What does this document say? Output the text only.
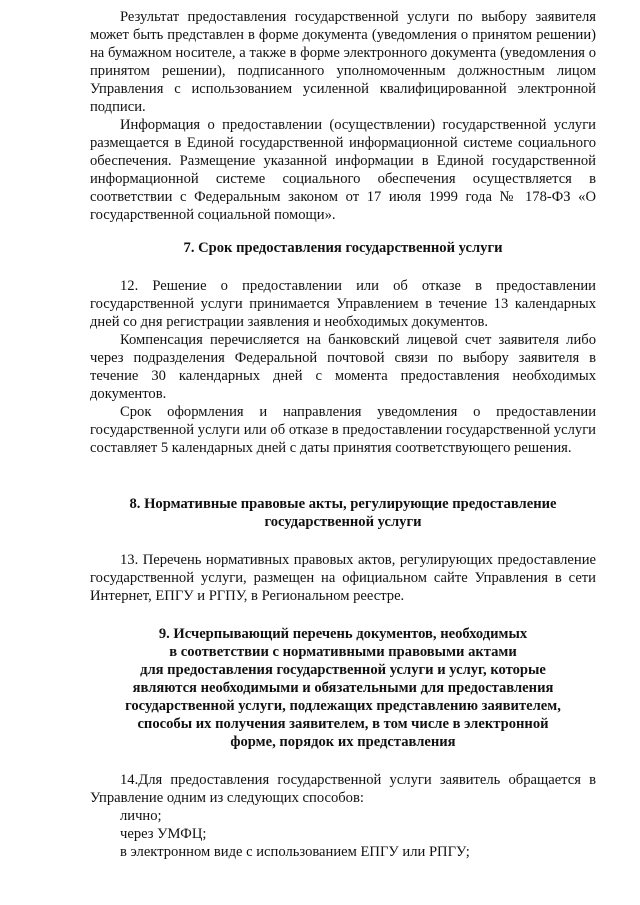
Результат предоставления государственной услуги по выбору заявителя может быть представлен в форме документа (уведомления о принятом решении) на бумажном носителе, а также в форме электронного документа (уведомления о принятом решении), подписанного уполномоченным должностным лицом Управления с использованием усиленной квалифицированной электронной подписи.

Информация о предоставлении (осуществлении) государственной услуги размещается в Единой государственной информационной системе социального обеспечения. Размещение указанной информации в Единой государственной информационной системе социального обеспечения осуществляется в соответствии с Федеральным законом от 17 июля 1999 года № 178-ФЗ «О государственной социальной помощи».

7. Срок предоставления государственной услуги

12. Решение о предоставлении или об отказе в предоставлении государственной услуги принимается Управлением в течение 13 календарных дней со дня регистрации заявления и необходимых документов.

Компенсация перечисляется на банковский лицевой счет заявителя либо через подразделения Федеральной почтовой связи по выбору заявителя в течение 30 календарных дней с момента предоставления необходимых документов.

Срок оформления и направления уведомления о предоставлении государственной услуги или об отказе в предоставлении государственной услуги составляет 5 календарных дней с даты принятия соответствующего решения.

8. Нормативные правовые акты, регулирующие предоставление
государственной услуги

13. Перечень нормативных правовых актов, регулирующих предоставление государственной услуги, размещен на официальном сайте Управления в сети Интернет, ЕПГУ и РГПУ, в Региональном реестре.

9. Исчерпывающий перечень документов, необходимых
в соответствии с нормативными правовыми актами
для предоставления государственной услуги и услуг, которые
являются необходимыми и обязательными для предоставления
государственной услуги, подлежащих представлению заявителем,
способы их получения заявителем, в том числе в электронной
форме, порядок их представления

14.Для предоставления государственной услуги заявитель обращается в Управление одним из следующих способов:

лично;

через УМФЦ;

в электронном виде с использованием ЕПГУ или РПГУ;
